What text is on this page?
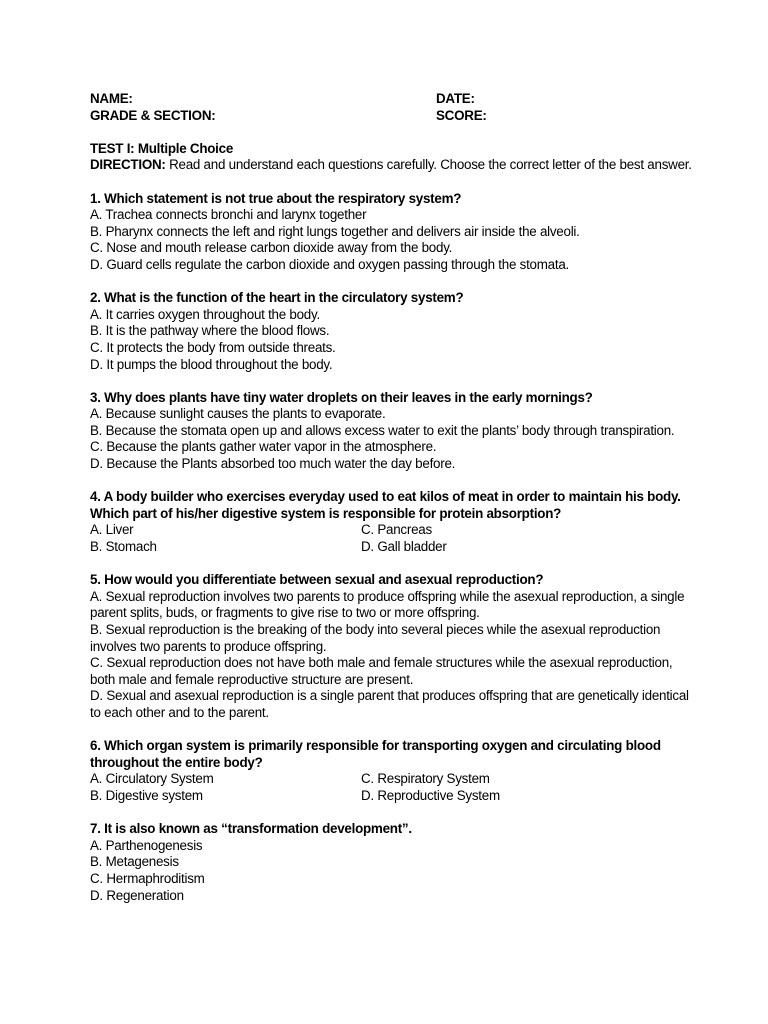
NAME:	DATE:
GRADE & SECTION:	SCORE:
TEST I: Multiple Choice
DIRECTION: Read and understand each questions carefully. Choose the correct letter of the best answer.
1. Which statement is not true about the respiratory system?
A. Trachea connects bronchi and larynx together
B. Pharynx connects the left and right lungs together and delivers air inside the alveoli.
C. Nose and mouth release carbon dioxide away from the body.
D. Guard cells regulate the carbon dioxide and oxygen passing through the stomata.
2. What is the function of the heart in the circulatory system?
A. It carries oxygen throughout the body.
B. It is the pathway where the blood flows.
C. It protects the body from outside threats.
D. It pumps the blood throughout the body.
3. Why does plants have tiny water droplets on their leaves in the early mornings?
A. Because sunlight causes the plants to evaporate.
B. Because the stomata open up and allows excess water to exit the plants’ body through transpiration.
C. Because the plants gather water vapor in the atmosphere.
D. Because the Plants absorbed too much water the day before.
4. A body builder who exercises everyday used to eat kilos of meat in order to maintain his body.
Which part of his/her digestive system is responsible for protein absorption?
A. Liver	C. Pancreas
B. Stomach	D. Gall bladder
5. How would you differentiate between sexual and asexual reproduction?
A. Sexual reproduction involves two parents to produce offspring while the asexual reproduction, a single
parent splits, buds, or fragments to give rise to two or more offspring.
B. Sexual reproduction is the breaking of the body into several pieces while the asexual reproduction
involves two parents to produce offspring.
C. Sexual reproduction does not have both male and female structures while the asexual reproduction,
both male and female reproductive structure are present.
D. Sexual and asexual reproduction is a single parent that produces offspring that are genetically identical
to each other and to the parent.
6. Which organ system is primarily responsible for transporting oxygen and circulating blood
throughout the entire body?
A. Circulatory System	C. Respiratory System
B. Digestive system	D. Reproductive System
7. It is also known as “transformation development”.
A. Parthenogenesis
B. Metagenesis
C. Hermaphroditism
D. Regeneration
